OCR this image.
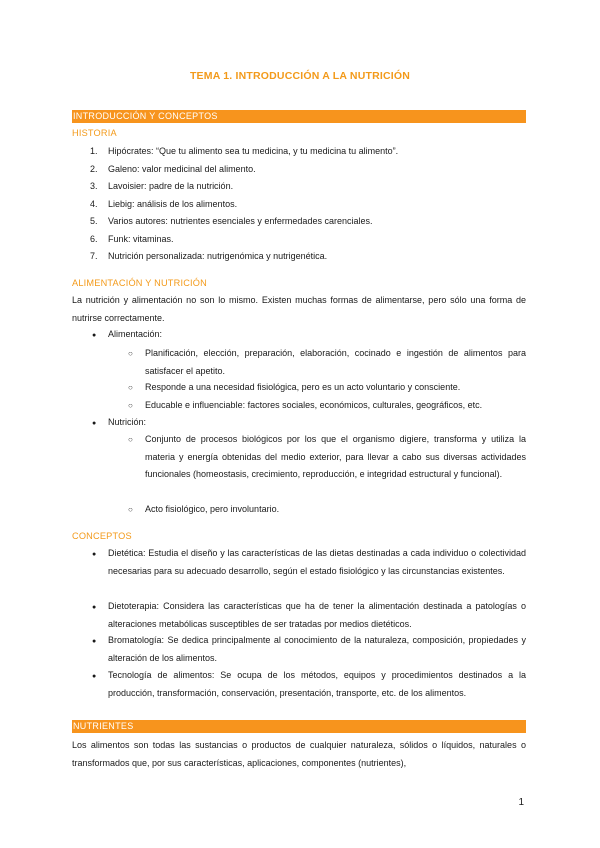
TEMA 1. INTRODUCCIÓN A LA NUTRICIÓN
INTRODUCCIÓN Y CONCEPTOS
HISTORIA
1.	Hipócrates: “Que tu alimento sea tu medicina, y tu medicina tu alimento”.
2.	Galeno: valor medicinal del alimento.
3.	Lavoisier: padre de la nutrición.
4.	Liebig: análisis de los alimentos.
5.	Varios autores: nutrientes esenciales y enfermedades carenciales.
6.	Funk: vitaminas.
7.	Nutrición personalizada: nutrigenómica y nutrigenética.
ALIMENTACIÓN Y NUTRICIÓN
La nutrición y alimentación no son lo mismo. Existen muchas formas de alimentarse, pero sólo una forma de nutrirse correctamente.
● Alimentación:
○ Planificación, elección, preparación, elaboración, cocinado e ingestión de alimentos para satisfacer el apetito.
○ Responde a una necesidad fisiológica, pero es un acto voluntario y consciente.
○ Educable e influenciable: factores sociales, económicos, culturales, geográficos, etc.
● Nutrición:
○ Conjunto de procesos biológicos por los que el organismo digiere, transforma y utiliza la materia y energía obtenidas del medio exterior, para llevar a cabo sus diversas actividades funcionales (homeostasis, crecimiento, reproducción, e integridad estructural y funcional).
○ Acto fisiológico, pero involuntario.
CONCEPTOS
● Dietética: Estudia el diseño y las características de las dietas destinadas a cada individuo o colectividad necesarias para su adecuado desarrollo, según el estado fisiológico y las circunstancias existentes.
● Dietoterapia: Considera las características que ha de tener la alimentación destinada a patologías o alteraciones metabólicas susceptibles de ser tratadas por medios dietéticos.
● Bromatología: Se dedica principalmente al conocimiento de la naturaleza, composición, propiedades y alteración de los alimentos.
● Tecnología de alimentos: Se ocupa de los métodos, equipos y procedimientos destinados a la producción, transformación, conservación, presentación, transporte, etc. de los alimentos.
NUTRIENTES
Los alimentos son todas las sustancias o productos de cualquier naturaleza, sólidos o líquidos, naturales o transformados que, por sus características, aplicaciones, componentes (nutrientes),
1
